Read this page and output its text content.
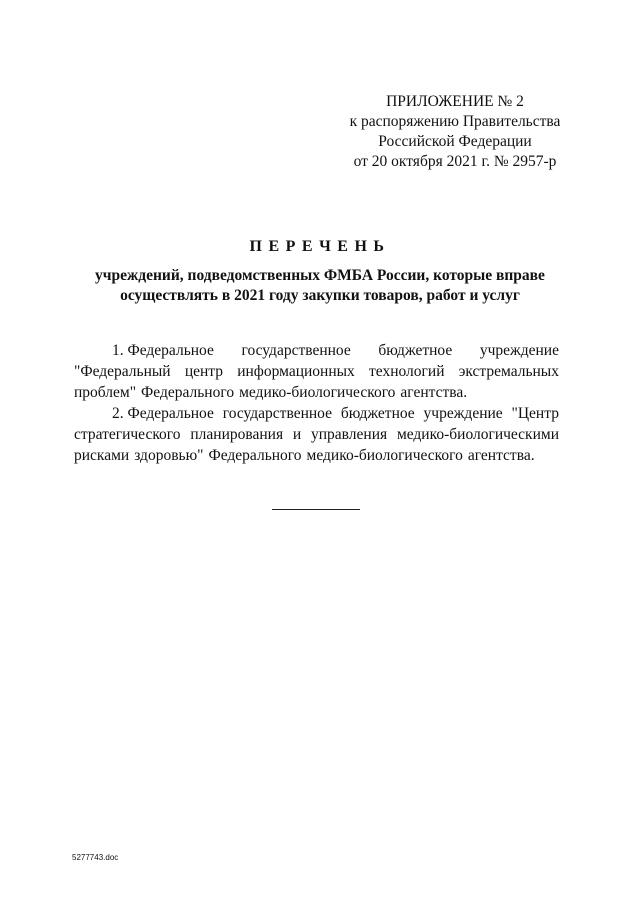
ПРИЛОЖЕНИЕ № 2
к распоряжению Правительства
Российской Федерации
от 20 октября 2021 г. № 2957-р
ПЕРЕЧЕНЬ
учреждений, подведомственных ФМБА России, которые вправе
осуществлять в 2021 году закупки товаров, работ и услуг
1. Федеральное государственное бюджетное учреждение
"Федеральный центр информационных технологий экстремальных
проблем" Федерального медико-биологического агентства.
2. Федеральное государственное бюджетное учреждение "Центр
стратегического планирования и управления медико-биологическими
рисками здоровью" Федерального медико-биологического агентства.
5277743.doc
